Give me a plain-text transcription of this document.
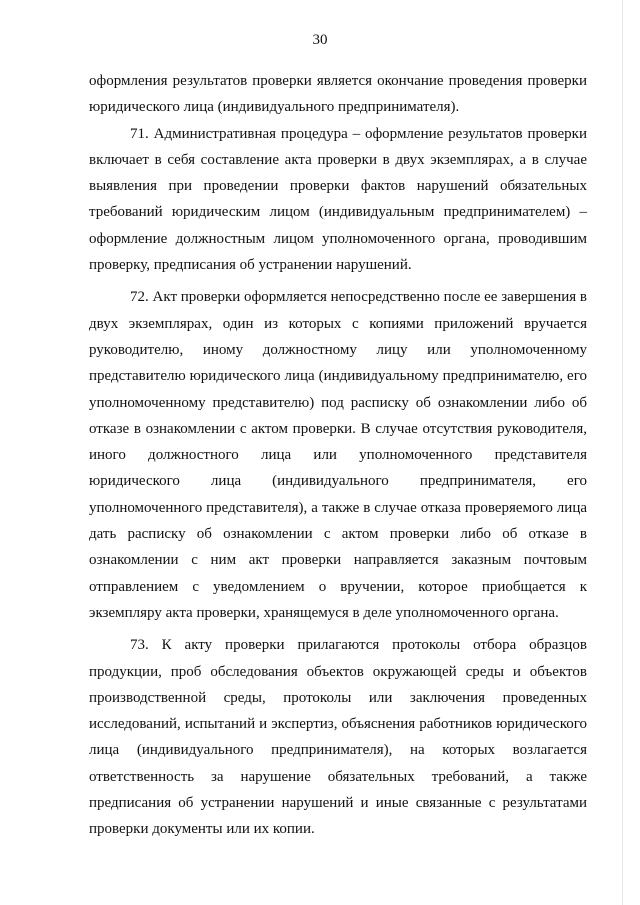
30

оформления результатов проверки является окончание проведения проверки юридического лица (индивидуального предпринимателя).

71. Административная процедура – оформление результатов проверки включает в себя составление акта проверки в двух экземплярах, а в случае выявления при проведении проверки фактов нарушений обязательных требований юридическим лицом (индивидуальным предпринимателем) – оформление должностным лицом уполномоченного органа, проводившим проверку, предписания об устранении нарушений.

72. Акт проверки оформляется непосредственно после ее завершения в двух экземплярах, один из которых с копиями приложений вручается руководителю, иному должностному лицу или уполномоченному представителю юридического лица (индивидуальному предпринимателю, его уполномоченному представителю) под расписку об ознакомлении либо об отказе в ознакомлении с актом проверки. В случае отсутствия руководителя, иного должностного лица или уполномоченного представителя юридического лица (индивидуального предпринимателя, его уполномоченного представителя), а также в случае отказа проверяемого лица дать расписку об ознакомлении с актом проверки либо об отказе в ознакомлении с ним акт проверки направляется заказным почтовым отправлением с уведомлением о вручении, которое приобщается к экземпляру акта проверки, хранящемуся в деле уполномоченного органа.

73. К акту проверки прилагаются протоколы отбора образцов продукции, проб обследования объектов окружающей среды и объектов производственной среды, протоколы или заключения проведенных исследований, испытаний и экспертиз, объяснения работников юридического лица (индивидуального предпринимателя), на которых возлагается ответственность за нарушение обязательных требований, а также предписания об устранении нарушений и иные связанные с результатами проверки документы или их копии.
